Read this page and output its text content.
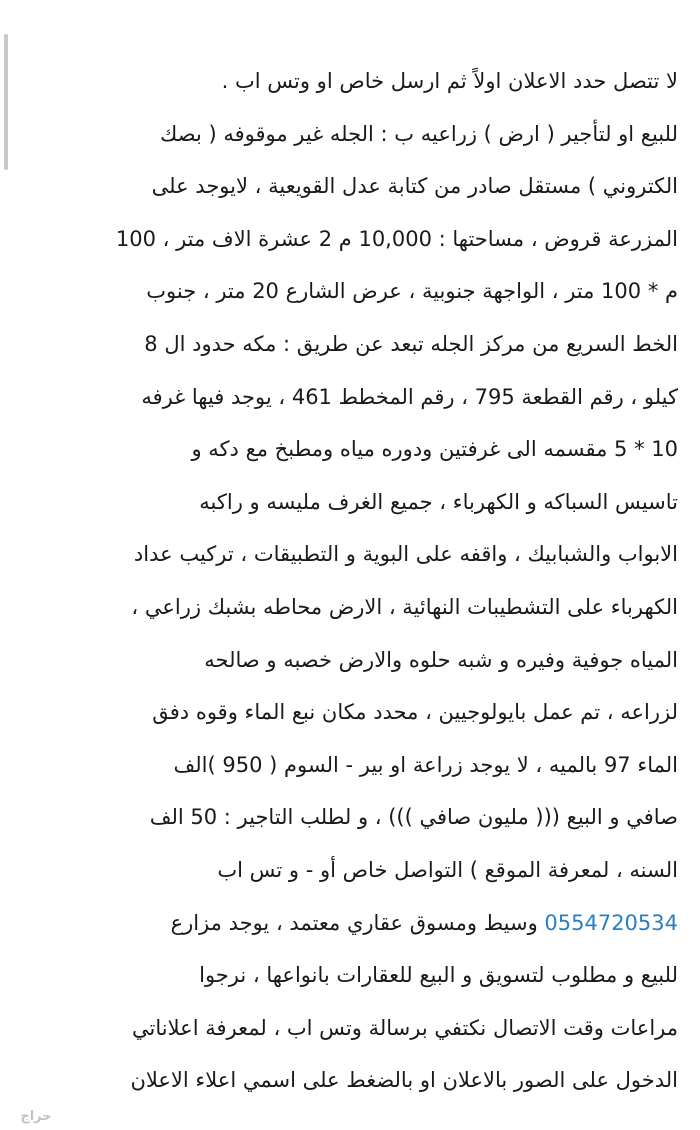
لا تتصل حدد الاعلان اولاً ثم ارسل خاص او وتس اب .
للبيع او لتأجير ( ارض ) زراعيه ب : الجله غير موقوفه ( بصك
الكتروني ) مستقل صادر من كتابة عدل القويعية ، لايوجد على
المزرعة قروض ، مساحتها : 10,000 م 2 عشرة الاف متر ، 100
م * 100 متر ، الواجهة جنوبية ، عرض الشارع 20 متر ، جنوب
الخط السريع من مركز الجله تبعد عن طريق : مكه حدود ال 8
كيلو ، رقم القطعة 795 ، رقم المخطط 461 ، يوجد فيها غرفه
10 * 5 مقسمه الى غرفتين ودوره مياه ومطبخ مع دكه و
تاسيس السباكه و الكهرباء ، جميع الغرف مليسه و راكبه
الابواب والشبابيك ، واقفه على البوية و التطبيقات ، تركيب عداد
الكهرباء على التشطيبات النهائية ، الارض محاطه بشبك زراعي ،
المياه جوفية وفيره و شبه حلوه والارض خصبه و صالحه
لزراعه ، تم عمل بايولوجيين ، محدد مكان نبع الماء وقوه دفق
الماء 97 بالميه ، لا يوجد زراعة او بير - السوم ( 950 )الف
صافي و البيع ((( مليون صافي ))) ، و لطلب التاجير : 50 الف
السنه ، لمعرفة الموقع ) التواصل خاص أو - و تس اب
0554720534 وسيط ومسوق عقاري معتمد ، يوجد مزارع
للبيع و مطلوب لتسويق و البيع للعقارات بانواعها ، نرجوا
مراعات وقت الاتصال نكتفي برسالة وتس اب ، لمعرفة اعلاناتي
الدخول على الصور بالاعلان او بالضغط على اسمي اعلاء الاعلان
حراج
